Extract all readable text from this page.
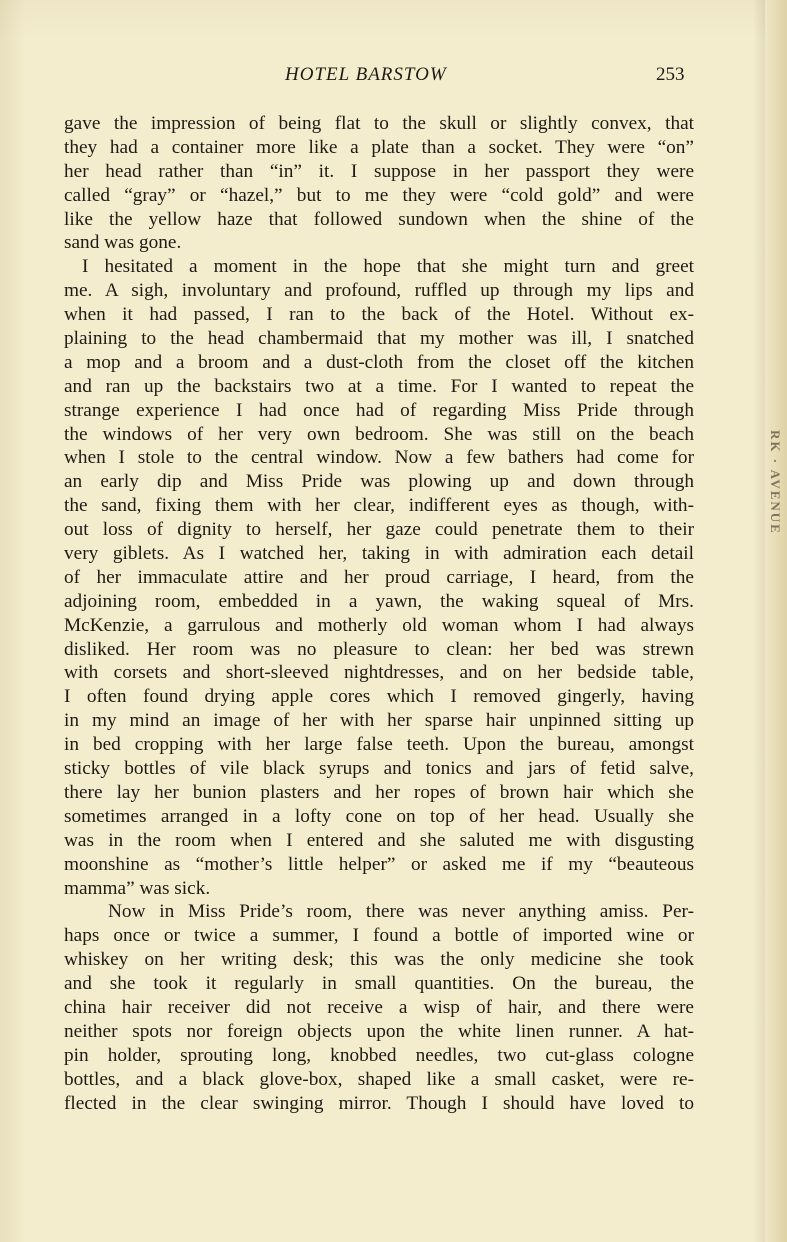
RK · AVENUE
HOTEL BARSTOW	253
gave the impression of being flat to the skull or slightly convex, that
they had a container more like a plate than a socket. They were “on”
her head rather than “in” it. I suppose in her passport they were
called “gray” or “hazel,” but to me they were “cold gold” and were
like the yellow haze that followed sundown when the shine of the
sand was gone.
I hesitated a moment in the hope that she might turn and greet
me. A sigh, involuntary and profound, ruffled up through my lips and
when it had passed, I ran to the back of the Hotel. Without ex-
plaining to the head chambermaid that my mother was ill, I snatched
a mop and a broom and a dust-cloth from the closet off the kitchen
and ran up the backstairs two at a time. For I wanted to repeat the
strange experience I had once had of regarding Miss Pride through
the windows of her very own bedroom. She was still on the beach
when I stole to the central window. Now a few bathers had come for
an early dip and Miss Pride was plowing up and down through
the sand, fixing them with her clear, indifferent eyes as though, with-
out loss of dignity to herself, her gaze could penetrate them to their
very giblets. As I watched her, taking in with admiration each detail
of her immaculate attire and her proud carriage, I heard, from the
adjoining room, embedded in a yawn, the waking squeal of Mrs.
McKenzie, a garrulous and motherly old woman whom I had always
disliked. Her room was no pleasure to clean: her bed was strewn
with corsets and short-sleeved nightdresses, and on her bedside table,
I often found drying apple cores which I removed gingerly, having
in my mind an image of her with her sparse hair unpinned sitting up
in bed cropping with her large false teeth. Upon the bureau, amongst
sticky bottles of vile black syrups and tonics and jars of fetid salve,
there lay her bunion plasters and her ropes of brown hair which she
sometimes arranged in a lofty cone on top of her head. Usually she
was in the room when I entered and she saluted me with disgusting
moonshine as “mother’s little helper” or asked me if my “beauteous
mamma” was sick.
Now in Miss Pride’s room, there was never anything amiss. Per-
haps once or twice a summer, I found a bottle of imported wine or
whiskey on her writing desk; this was the only medicine she took
and she took it regularly in small quantities. On the bureau, the
china hair receiver did not receive a wisp of hair, and there were
neither spots nor foreign objects upon the white linen runner. A hat-
pin holder, sprouting long, knobbed needles, two cut-glass cologne
bottles, and a black glove-box, shaped like a small casket, were re-
flected in the clear swinging mirror. Though I should have loved to
